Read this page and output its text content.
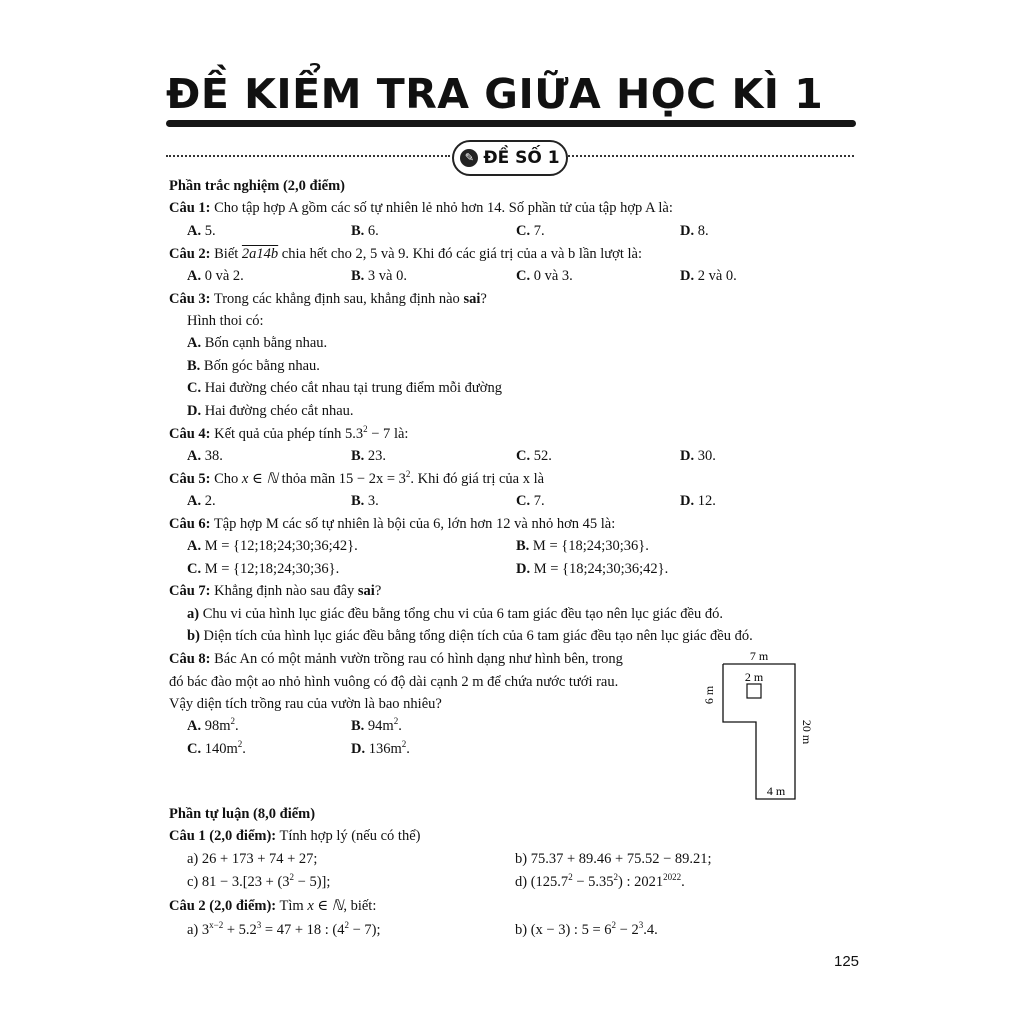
ĐỀ KIỂM TRA GIỮA HỌC KÌ 1
✎ ĐỀ SỐ 1
Phần trắc nghiệm (2,0 điểm)
Câu 1: Cho tập hợp A gồm các số tự nhiên lẻ nhỏ hơn 14. Số phần tử của tập hợp A là:
A. 5.	B. 6.	C. 7.	D. 8.
Câu 2: Biết 2a14b chia hết cho 2, 5 và 9. Khi đó các giá trị của a và b lần lượt là:
A. 0 và 2.	B. 3 và 0.	C. 0 và 3.	D. 2 và 0.
Câu 3: Trong các khẳng định sau, khẳng định nào sai?
Hình thoi có:
A. Bốn cạnh bằng nhau.
B. Bốn góc bằng nhau.
C. Hai đường chéo cắt nhau tại trung điểm mỗi đường
D. Hai đường chéo cắt nhau.
Câu 4: Kết quả của phép tính $5.3^2 - 7$ là:
A. 38.	B. 23.	C. 52.	D. 30.
Câu 5: Cho x ∈ ℕ thỏa mãn $15 - 2x = 3^2$. Khi đó giá trị của x là
A. 2.	B. 3.	C. 7.	D. 12.
Câu 6: Tập hợp M các số tự nhiên là bội của 6, lớn hơn 12 và nhỏ hơn 45 là:
A. M = {12;18;24;30;36;42}.	B. M = {18;24;30;36}.
C. M = {12;18;24;30;36}.	D. M = {18;24;30;36;42}.
Câu 7: Khẳng định nào sau đây sai?
a) Chu vi của hình lục giác đều bằng tổng chu vi của 6 tam giác đều tạo nên lục giác đều đó.
b) Diện tích của hình lục giác đều bằng tổng diện tích của 6 tam giác đều tạo nên lục giác đều đó.
Câu 8: Bác An có một mảnh vườn trồng rau có hình dạng như hình bên, trong
đó bác đào một ao nhỏ hình vuông có độ dài cạnh 2 m để chứa nước tưới rau.
Vậy diện tích trồng rau của vườn là bao nhiêu?
A. $98m^2$.	B. $94m^2$.
C. $140m^2$.	D. $136m^2$.
7 m
2 m
6 m
20 m
4 m
Phần tự luận (8,0 điểm)
Câu 1 (2,0 điểm): Tính hợp lý (nếu có thể)
a) 26 + 173 + 74 + 27;	b) 75.37 + 89.46 + 75.52 − 89.21;
c) $81 - 3.[23 + (3^2 - 5)]$;	d) $(125.7^2 - 5.35^2)$ : $2021^{2022}$.
Câu 2 (2,0 điểm): Tìm x ∈ ℕ, biết:
a) $3^{x-2} + 5.2^3 = 47 + 18$ : $(4^2 - 7)$;	b) (x − 3) : $5 = 6^2 - 2^3.4$.
125
